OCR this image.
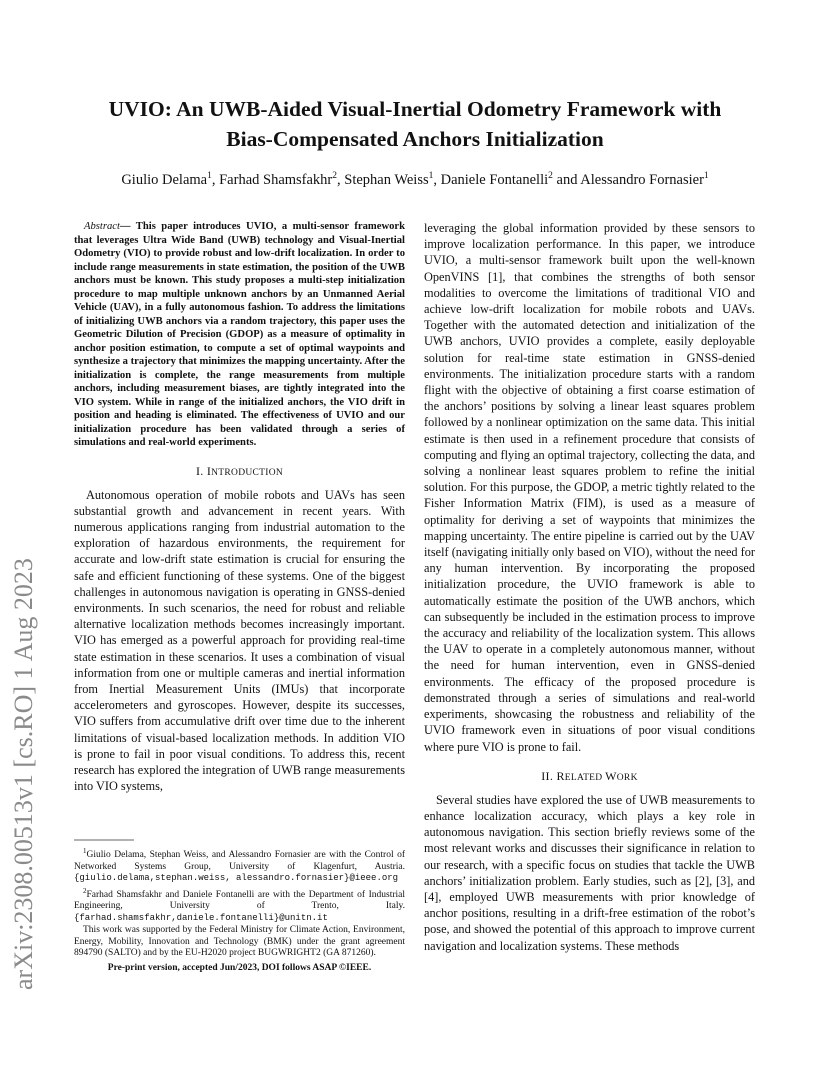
arXiv:2308.00513v1 [cs.RO] 1 Aug 2023
UVIO: An UWB-Aided Visual-Inertial Odometry Framework with
Bias-Compensated Anchors Initialization
Giulio Delama$^1$, Farhad Shamsfakhr$^2$, Stephan Weiss$^1$, Daniele Fontanelli$^2$ and Alessandro Fornasier$^1$

Abstract— This paper introduces UVIO, a multi-sensor framework that leverages Ultra Wide Band (UWB) technology and Visual-Inertial Odometry (VIO) to provide robust and low-drift localization. In order to include range measurements in state estimation, the position of the UWB anchors must be known. This study proposes a multi-step initialization procedure to map multiple unknown anchors by an Unmanned Aerial Vehicle (UAV), in a fully autonomous fashion. To address the limitations of initializing UWB anchors via a random trajectory, this paper uses the Geometric Dilution of Precision (GDOP) as a measure of optimality in anchor position estimation, to compute a set of optimal waypoints and synthesize a trajectory that minimizes the mapping uncertainty. After the initialization is complete, the range measurements from multiple anchors, including measurement biases, are tightly integrated into the VIO system. While in range of the initialized anchors, the VIO drift in position and heading is eliminated. The effectiveness of UVIO and our initialization procedure has been validated through a series of simulations and real-world experiments.

I. INTRODUCTION

Autonomous operation of mobile robots and UAVs has seen substantial growth and advancement in recent years. With numerous applications ranging from industrial automation to the exploration of hazardous environments, the requirement for accurate and low-drift state estimation is crucial for ensuring the safe and efficient functioning of these systems. One of the biggest challenges in autonomous navigation is operating in GNSS-denied environments. In such scenarios, the need for robust and reliable alternative localization methods becomes increasingly important. VIO has emerged as a powerful approach for providing real-time state estimation in these scenarios. It uses a combination of visual information from one or multiple cameras and inertial information from Inertial Measurement Units (IMUs) that incorporate accelerometers and gyroscopes. However, despite its successes, VIO suffers from accumulative drift over time due to the inherent limitations of visual-based localization methods. In addition VIO is prone to fail in poor visual conditions. To address this, recent research has explored the integration of UWB range measurements into VIO systems,

$^1$Giulio Delama, Stephan Weiss, and Alessandro Fornasier are with the Control of Networked Systems Group, University of Klagenfurt, Austria. {giulio.delama,stephan.weiss, alessandro.fornasier}@ieee.org

$^2$Farhad Shamsfakhr and Daniele Fontanelli are with the Department of Industrial Engineering, University of Trento, Italy. {farhad.shamsfakhr,daniele.fontanelli}@unitn.it

This work was supported by the Federal Ministry for Climate Action, Environment, Energy, Mobility, Innovation and Technology (BMK) under the grant agreement 894790 (SALTO) and by the EU-H2020 project BUGWRIGHT2 (GA 871260).

Pre-print version, accepted Jun/2023, DOI follows ASAP ©IEEE.

leveraging the global information provided by these sensors to improve localization performance. In this paper, we introduce UVIO, a multi-sensor framework built upon the well-known OpenVINS [1], that combines the strengths of both sensor modalities to overcome the limitations of traditional VIO and achieve low-drift localization for mobile robots and UAVs. Together with the automated detection and initialization of the UWB anchors, UVIO provides a complete, easily deployable solution for real-time state estimation in GNSS-denied environments. The initialization procedure starts with a random flight with the objective of obtaining a first coarse estimation of the anchors’ positions by solving a linear least squares problem followed by a nonlinear optimization on the same data. This initial estimate is then used in a refinement procedure that consists of computing and flying an optimal trajectory, collecting the data, and solving a nonlinear least squares problem to refine the initial solution. For this purpose, the GDOP, a metric tightly related to the Fisher Information Matrix (FIM), is used as a measure of optimality for deriving a set of waypoints that minimizes the mapping uncertainty. The entire pipeline is carried out by the UAV itself (navigating initially only based on VIO), without the need for any human intervention. By incorporating the proposed initialization procedure, the UVIO framework is able to automatically estimate the position of the UWB anchors, which can subsequently be included in the estimation process to improve the accuracy and reliability of the localization system. This allows the UAV to operate in a completely autonomous manner, without the need for human intervention, even in GNSS-denied environments. The efficacy of the proposed procedure is demonstrated through a series of simulations and real-world experiments, showcasing the robustness and reliability of the UVIO framework even in situations of poor visual conditions where pure VIO is prone to fail.

II. RELATED WORK

Several studies have explored the use of UWB measurements to enhance localization accuracy, which plays a key role in autonomous navigation. This section briefly reviews some of the most relevant works and discusses their significance in relation to our research, with a specific focus on studies that tackle the UWB anchors’ initialization problem. Early studies, such as [2], [3], and [4], employed UWB measurements with prior knowledge of anchor positions, resulting in a drift-free estimation of the robot’s pose, and showed the potential of this approach to improve current navigation and localization systems. These methods
